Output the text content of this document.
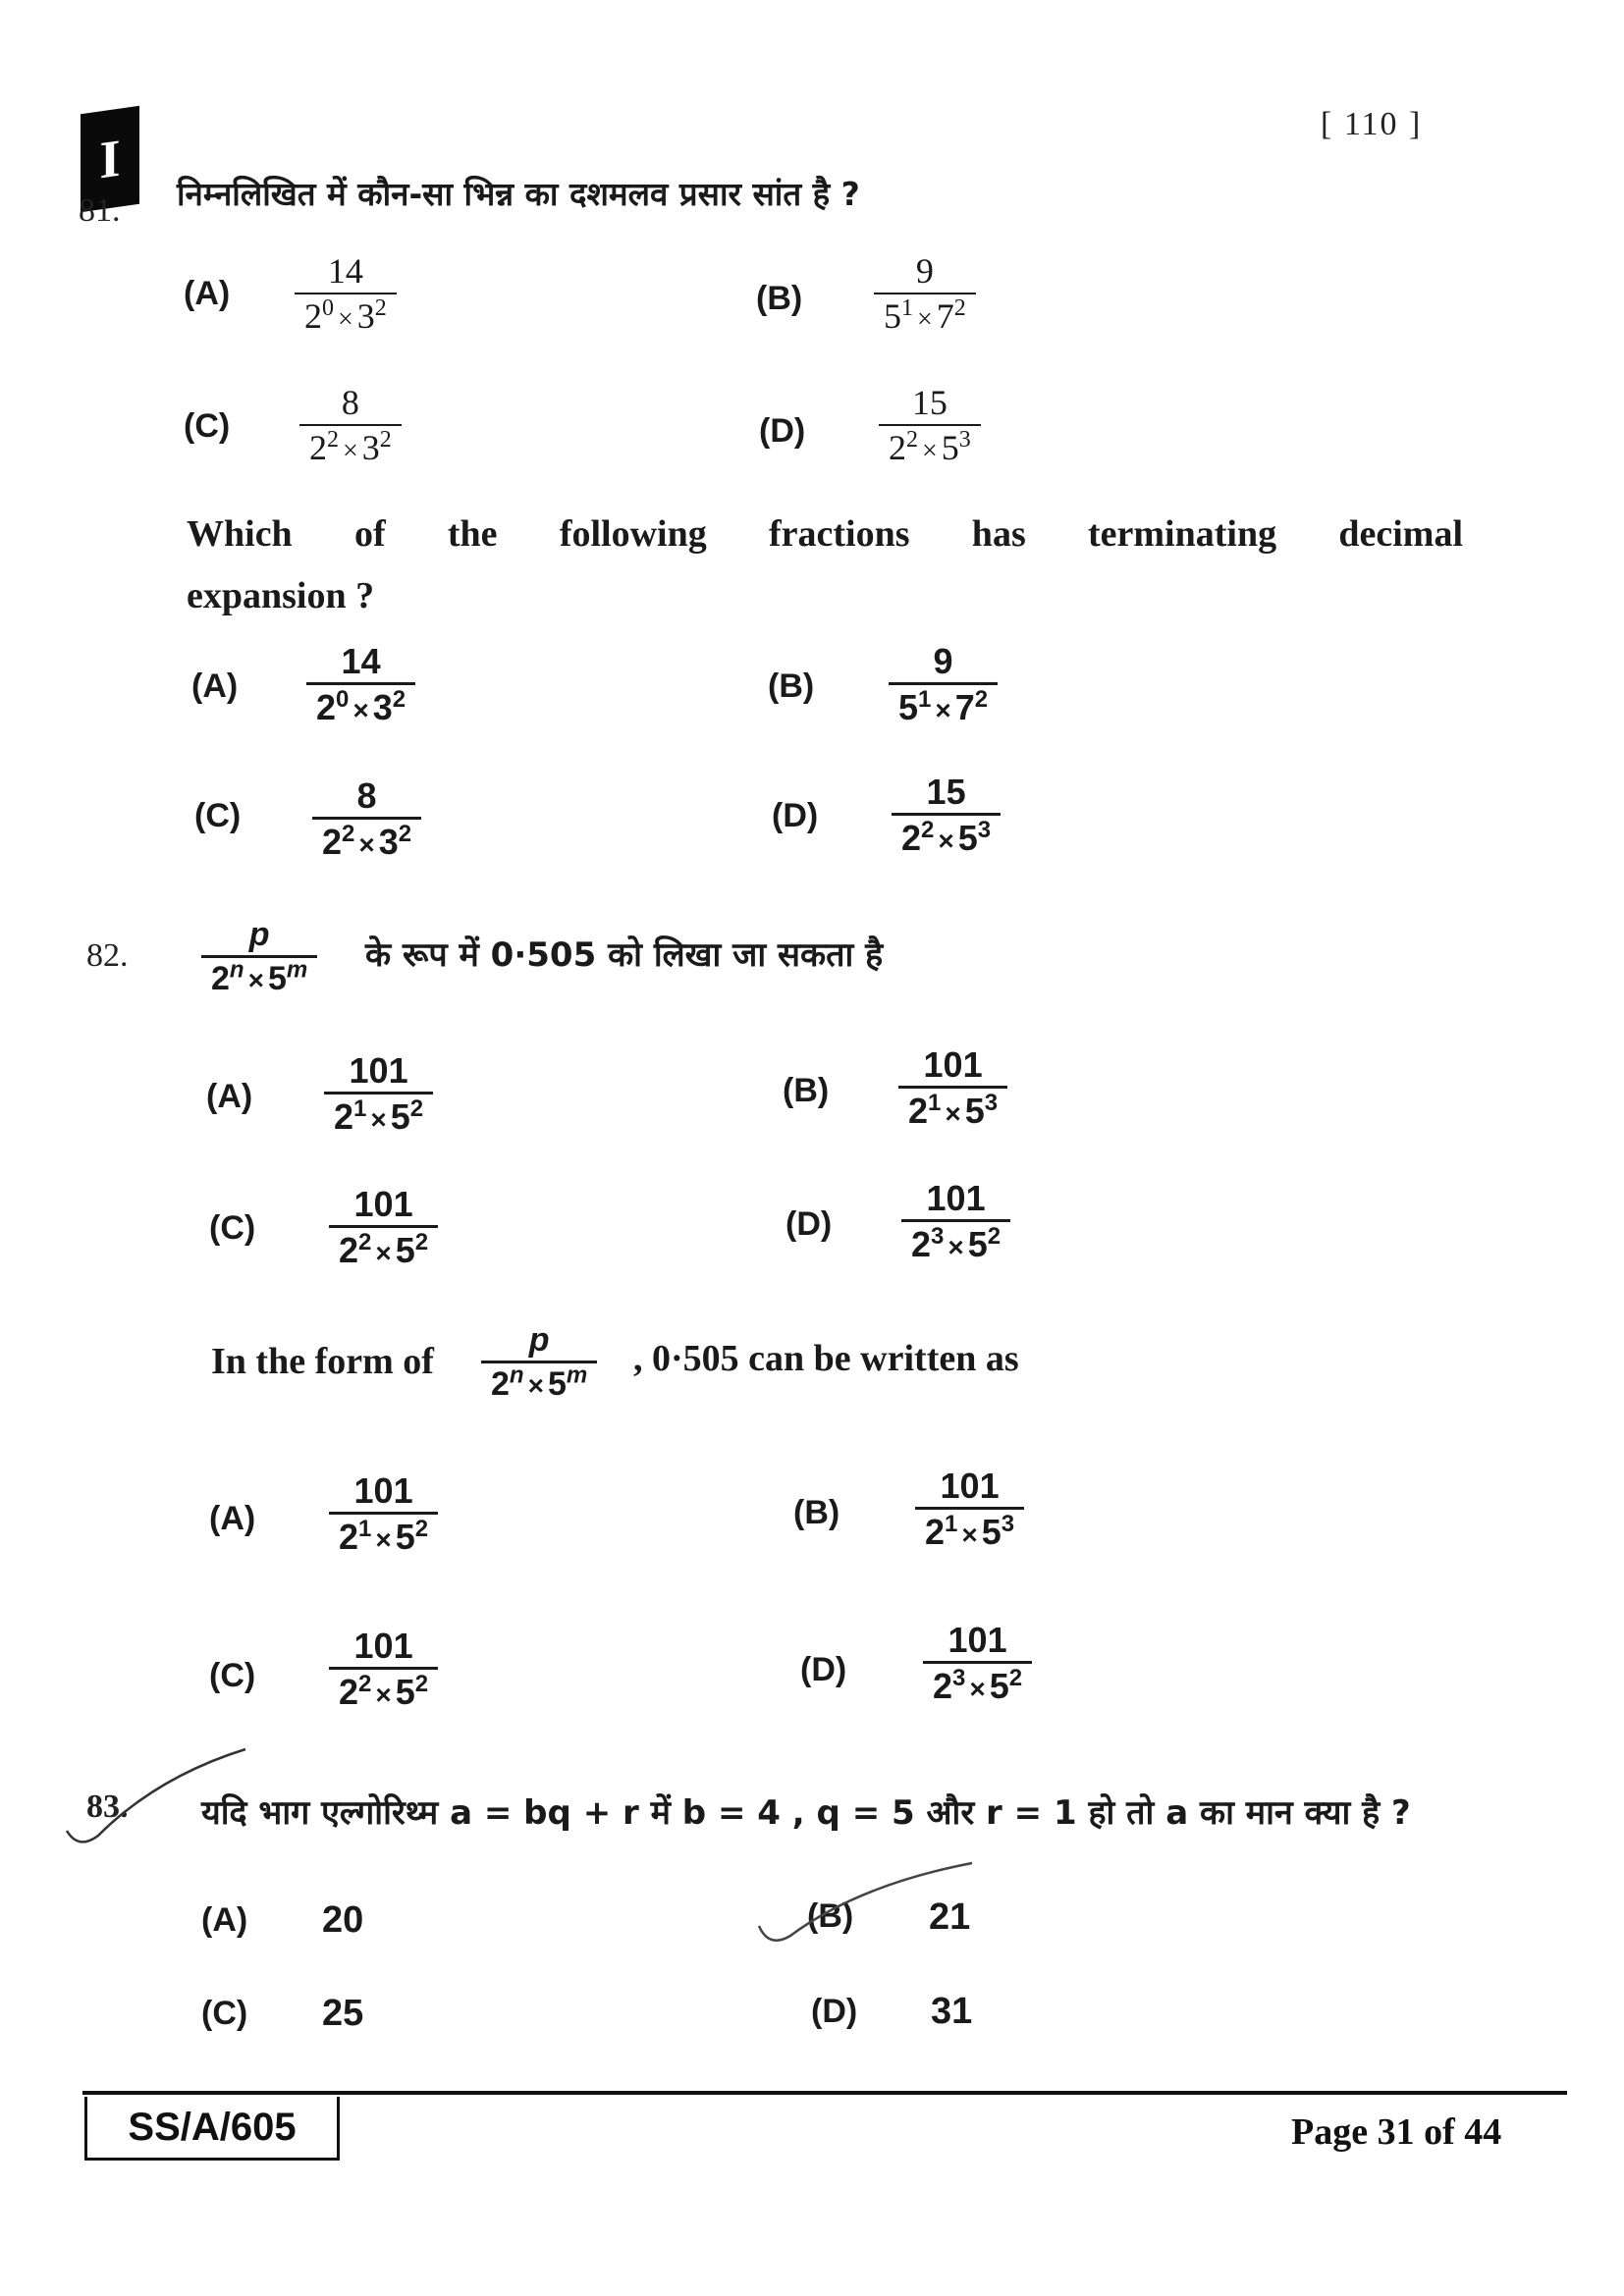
I
[ 110 ]
81. निम्नलिखित में कौन-सा भिन्न का दशमलव प्रसार सांत है ?
(A)
14
$2^0 \times 3^2$	(B)
9
$5^1 \times 7^2$
(C)
8
$2^2 \times 3^2$	(D)
15
$2^2 \times 5^3$
Which of the following fractions has terminating decimal
expansion ?
(A)
14
$2^0 \times 3^2$	(B)
9
$5^1 \times 7^2$
(C)	8
$2^2 \times 3^2$	(D)
15
$2^2 \times 5^3$
82.
p
$2^n \times 5^m$ के रूप में 0·505 को लिखा जा सकता है
(A)
101
$2^1 \times 5^2$	(B)
101
$2^1 \times 5^3$
(C)
101
$2^2 \times 5^2$	(D)
101
$2^3 \times 5^2$
In the form of
p
$2^n \times 5^m$ , 0·505 can be written as
(A)
101
$2^1 \times 5^2$	(B)
101
$2^1 \times 5^3$
(C)
101
$2^2 \times 5^2$	(D)
101
$2^3 \times 5^2$
83. यदि भाग एल्गोरिथ्म a = bq + r में b = 4 , q = 5 और r = 1 हो तो a का मान क्या है ?
(A) 20	(B) 21
(C) 25	(D) 31
SS/A/605	Page 31 of 44
